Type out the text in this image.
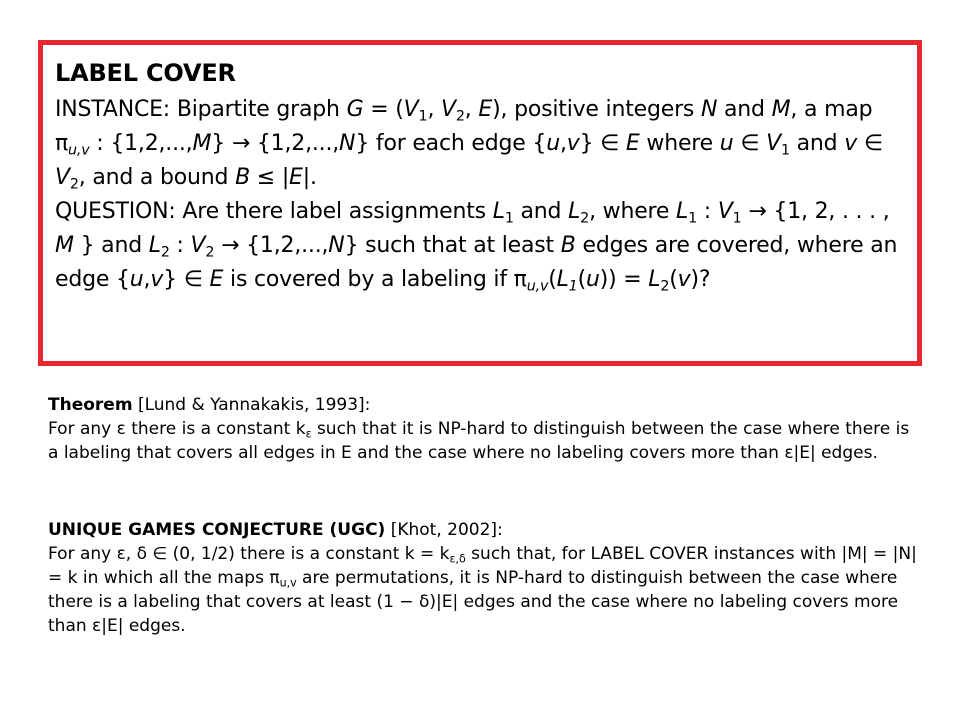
LABEL COVER

INSTANCE: Bipartite graph $G = (V_1$, $V_2$, E), positive integers N and M, a map $\pi_{u,v}$ : {1,2,...,M} → {1,2,...,N} for each edge {u,v} ∈ E where u ∈ $V_1$ and v ∈ $V_2$, and a bound B ≤ |E|.

QUESTION: Are there label assignments $L_1$ and $L_2$, where $L_1$ : $V_1 \to \{1$, 2, . . . , M } and $L_2$ : $V_2 \to \{1,2,...,N\}$ such that at least B edges are covered, where an edge {u,v} ∈ E is covered by a labeling if $\pi_{u,v}(L_1(u)) = L_2(v)$?

Theorem [Lund & Yannakakis, 1993]:

For any ε there is a constant $k_\varepsilon$ such that it is NP-hard to distinguish between the case where there is a labeling that covers all edges in E and the case where no labeling covers more than ε|E| edges.

UNIQUE GAMES CONJECTURE (UGC) [Khot, 2002]:

For any ε, δ ∈ (0, 1/2) there is a constant $k = k_{\varepsilon,\delta}$ such that, for LABEL COVER instances with |M| = |N| = k in which all the maps $\pi_{u,v}$ are permutations, it is NP-hard to distinguish between the case where there is a labeling that covers at least (1 − δ)|E| edges and the case where no labeling covers more than ε|E| edges.
